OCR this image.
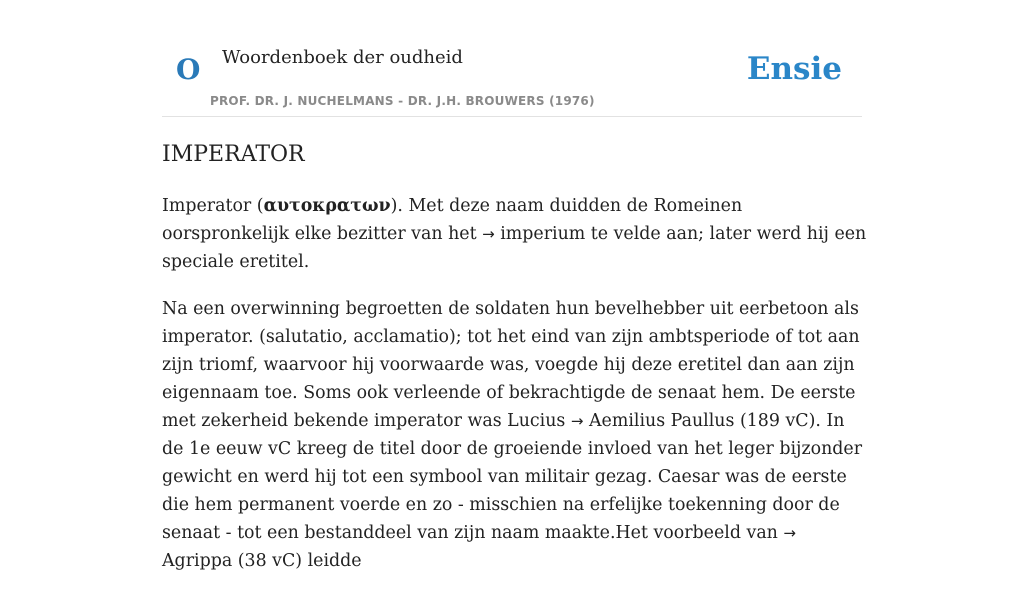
O Woordenboek der oudheid
PROF. DR. J. NUCHELMANS - DR. J.H. BROUWERS (1976)
Ensie
IMPERATOR

Imperator (αυτοκρατων). Met deze naam duidden de Romeinen oorspronkelijk elke bezitter van het → imperium te velde aan; later werd hij een speciale eretitel.

Na een overwinning begroetten de soldaten hun bevelhebber uit eerbetoon als imperator. (salutatio, acclamatio); tot het eind van zijn ambtsperiode of tot aan zijn triomf, waarvoor hij voorwaarde was, voegde hij deze eretitel dan aan zijn eigennaam toe. Soms ook verleende of bekrachtigde de senaat hem. De eerste met zekerheid bekende imperator was Lucius → Aemilius Paullus (189 vC). In de 1e eeuw vC kreeg de titel door de groeiende invloed van het leger bijzonder gewicht en werd hij tot een symbool van militair gezag. Caesar was de eerste die hem permanent voerde en zo - misschien na erfelijke toekenning door de senaat - tot een bestanddeel van zijn naam maakte.Het voorbeeld van → Agrippa (38 vC) leidde
